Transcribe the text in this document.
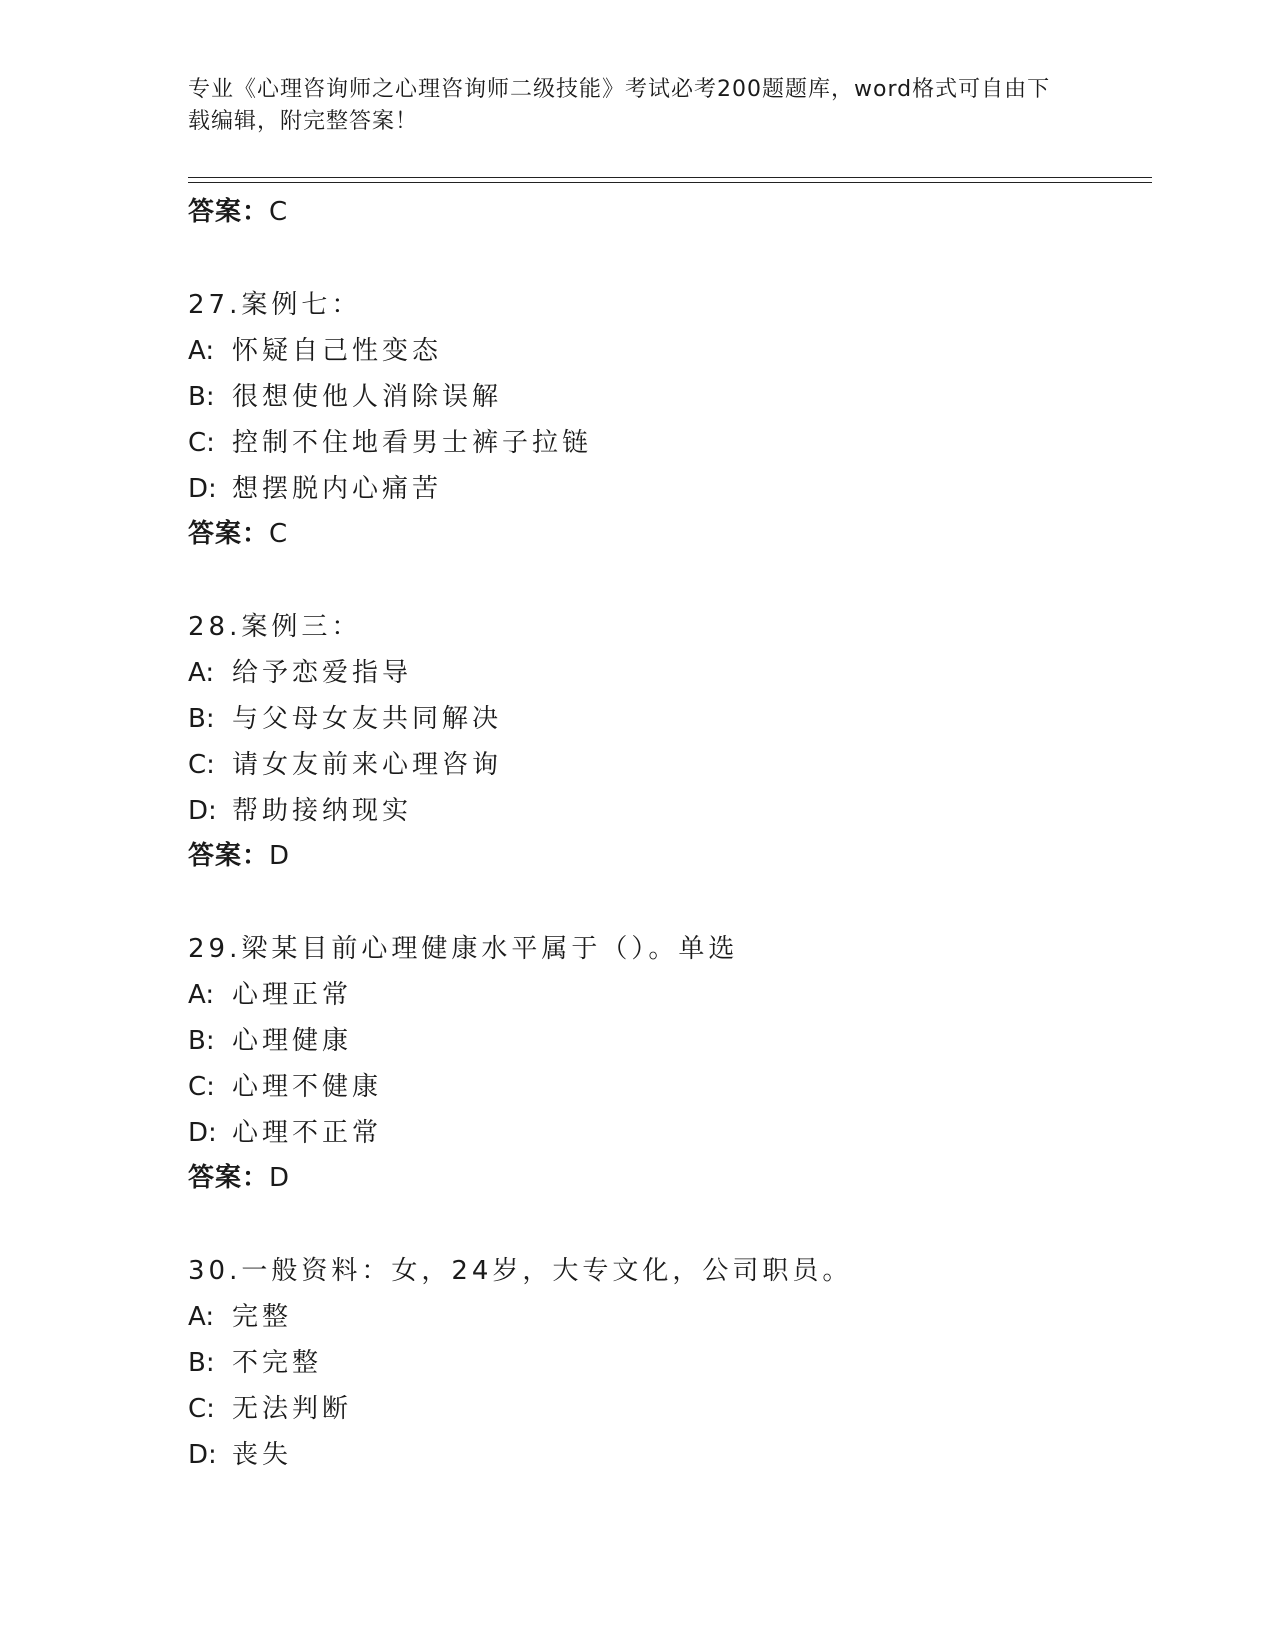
专业《心理咨询师之心理咨询师二级技能》考试必考200题题库，word格式可自由下载编辑，附完整答案！

答案：C

27.案例七：

A: 怀疑自己性变态

B: 很想使他人消除误解

C: 控制不住地看男士裤子拉链

D: 想摆脱内心痛苦

答案：C

28.案例三：

A: 给予恋爱指导

B: 与父母女友共同解决

C: 请女友前来心理咨询

D: 帮助接纳现实

答案：D

29.梁某目前心理健康水平属于（）。单选

A: 心理正常

B: 心理健康

C: 心理不健康

D: 心理不正常

答案：D

30.一般资料：女，24岁，大专文化，公司职员。

A: 完整

B: 不完整

C: 无法判断

D: 丧失
